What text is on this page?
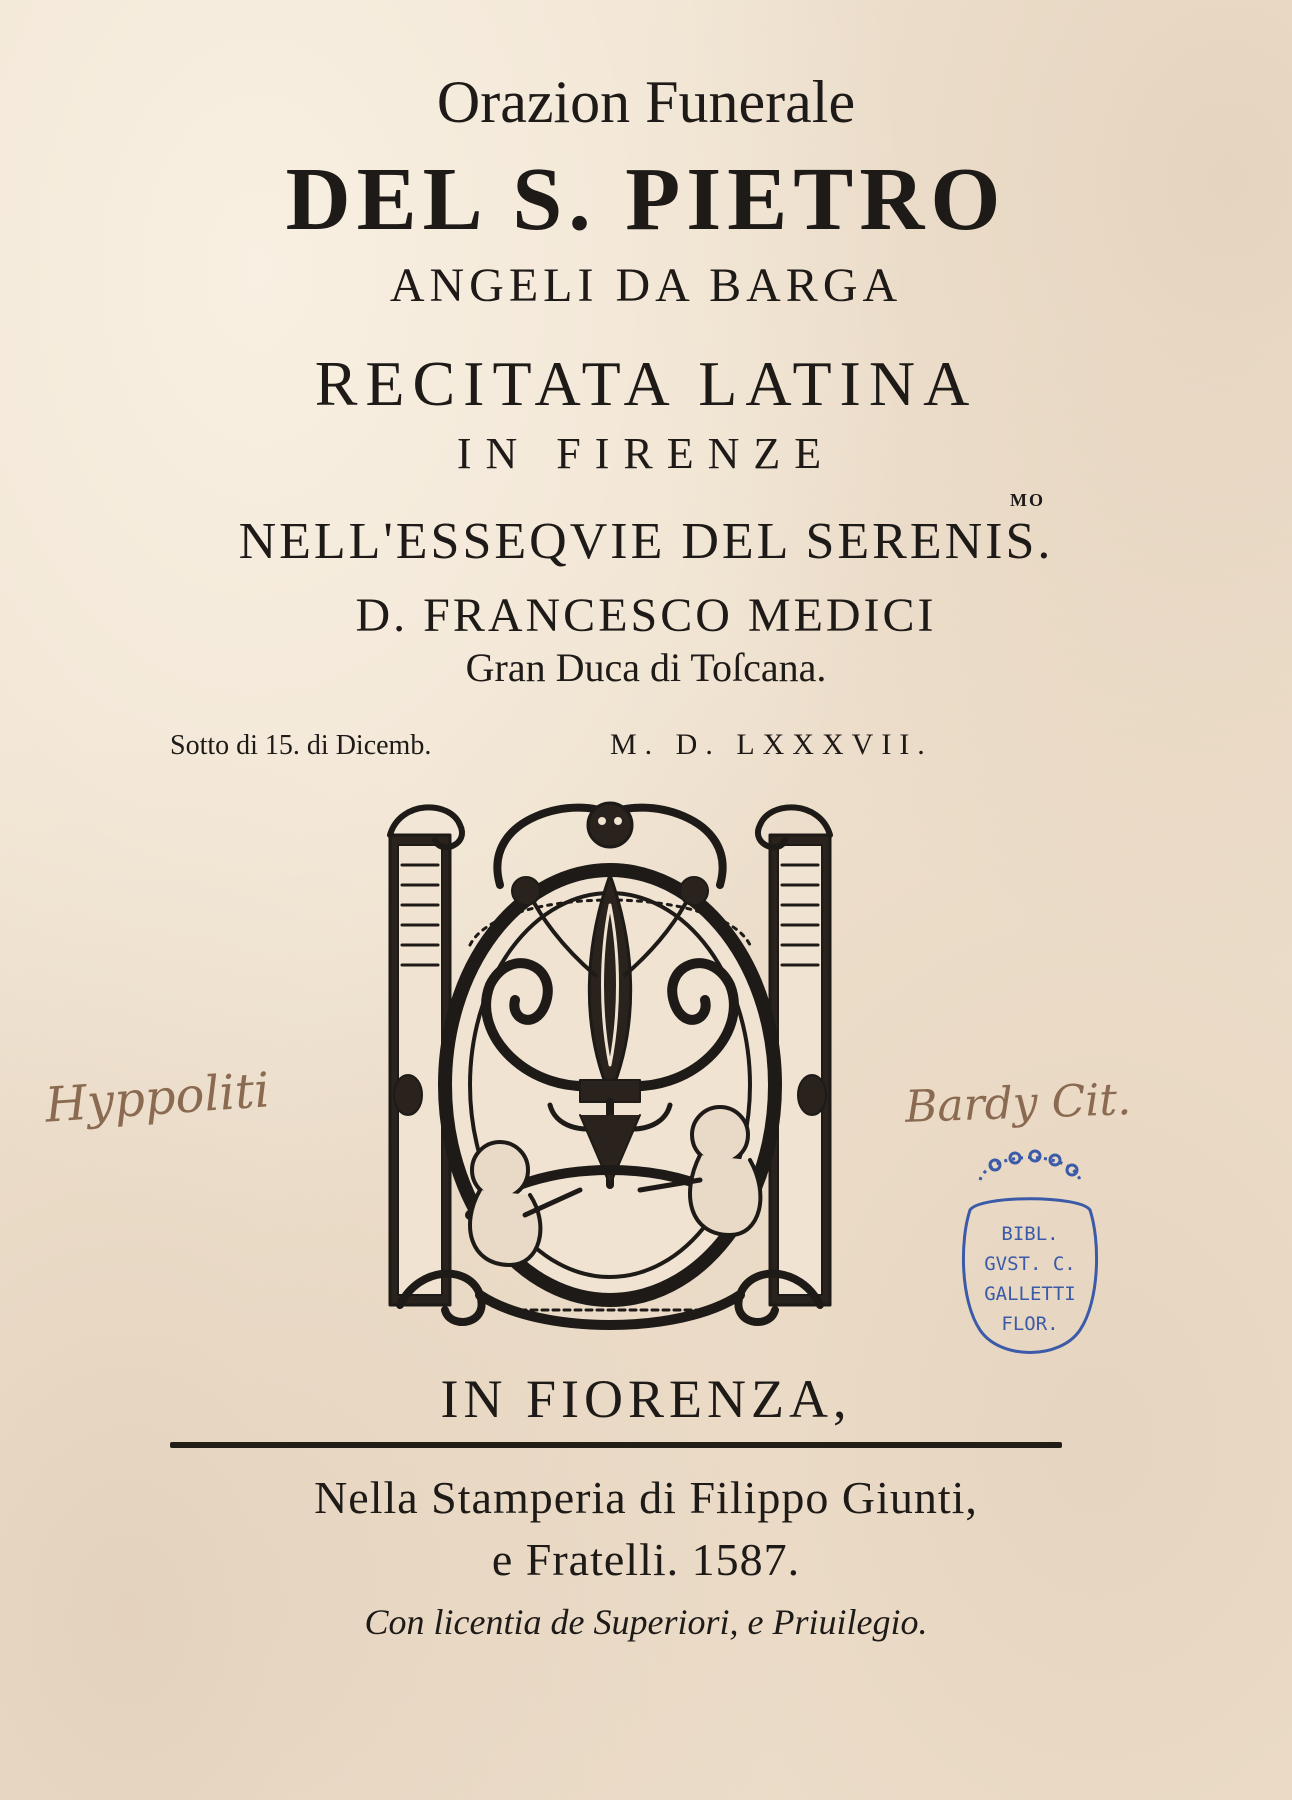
Orazion Funerale

DEL S. PIETRO

ANGELI DA BARGA

RECITATA LATINA

IN FIRENZE

MO

NELL'ESSEQVIE DEL SERENIS.

D. FRANCESCO MEDICI

Gran Duca di Toſcana.

Sotto di 15. di Dicemb.	M. D. LXXXVII.

Hyppoliti	Bardy Cit.

BIBL.
GVST. C.
GALLETTI
FLOR.

IN FIORENZA,

Nella Stamperia di Filippo Giunti,

e Fratelli. 1587.

Con licentia de Superiori, e Priuilegio.
